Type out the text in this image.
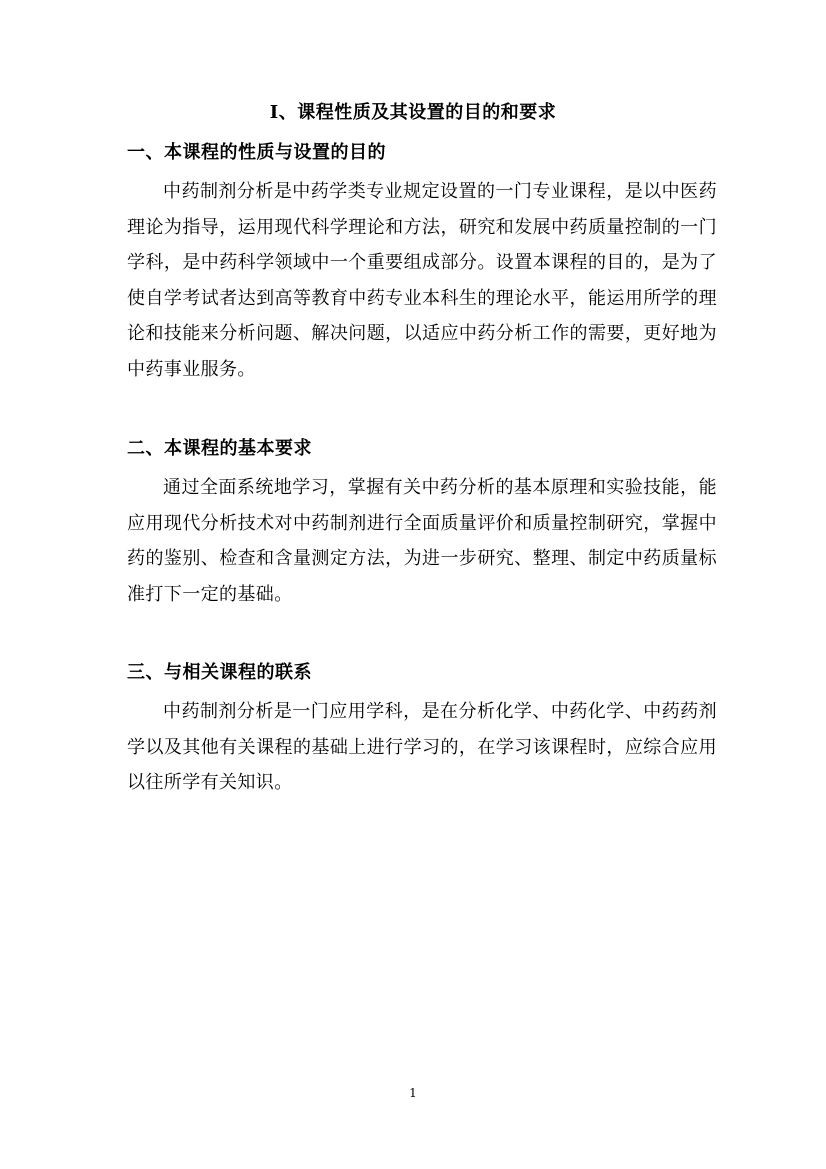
I、课程性质及其设置的目的和要求

一、本课程的性质与设置的目的

中药制剂分析是中药学类专业规定设置的一门专业课程，是以中医药理论为指导，运用现代科学理论和方法，研究和发展中药质量控制的一门学科，是中药科学领域中一个重要组成部分。设置本课程的目的，是为了使自学考试者达到高等教育中药专业本科生的理论水平，能运用所学的理论和技能来分析问题、解决问题，以适应中药分析工作的需要，更好地为中药事业服务。

二、本课程的基本要求

通过全面系统地学习，掌握有关中药分析的基本原理和实验技能，能应用现代分析技术对中药制剂进行全面质量评价和质量控制研究，掌握中药的鉴别、检查和含量测定方法，为进一步研究、整理、制定中药质量标准打下一定的基础。

三、与相关课程的联系

中药制剂分析是一门应用学科，是在分析化学、中药化学、中药药剂学以及其他有关课程的基础上进行学习的，在学习该课程时，应综合应用以往所学有关知识。

1
